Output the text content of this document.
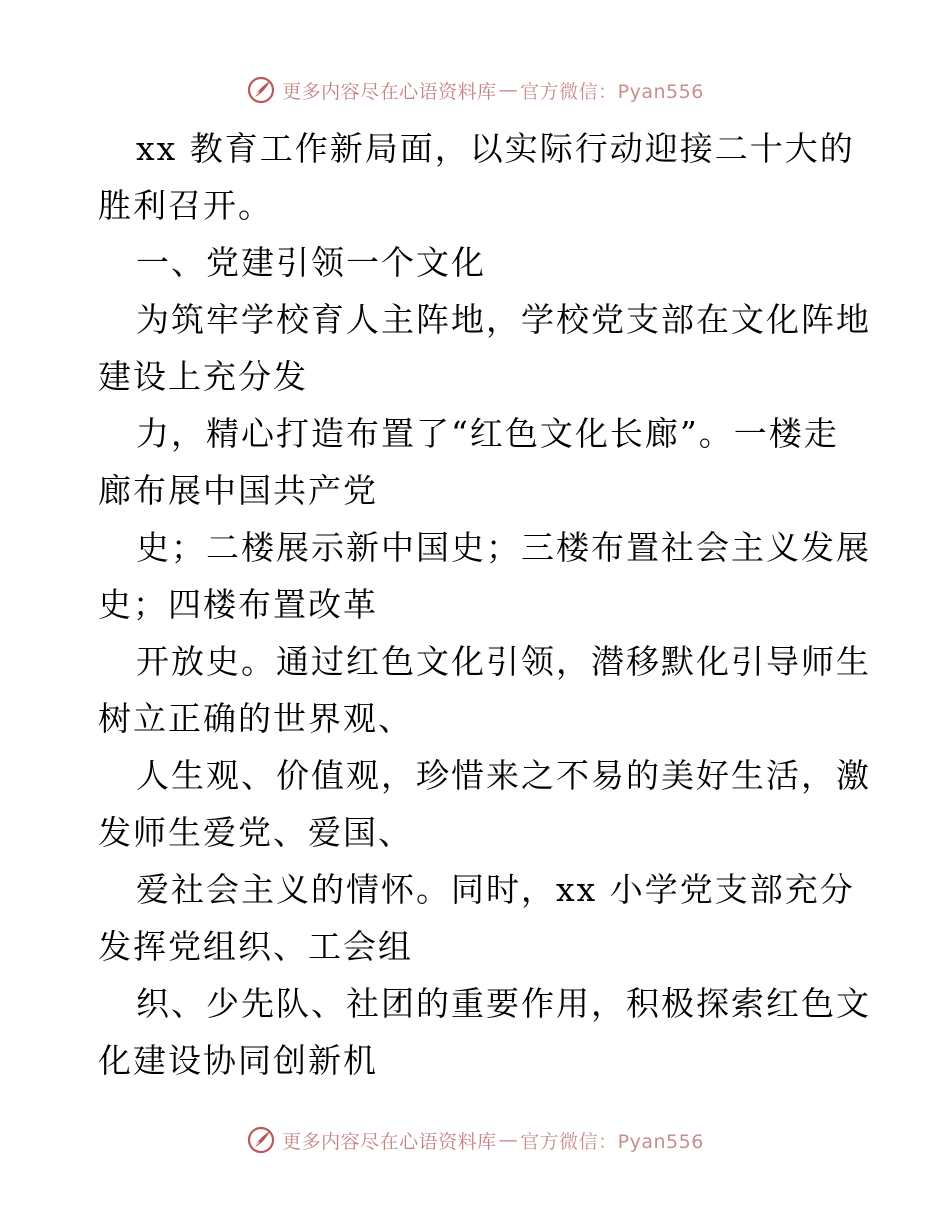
更多内容尽在心语资料库 — 官方微信：Pyan556
xx 教育工作新局面，以实际行动迎接二十大的
胜利召开。
一、党建引领一个文化
为筑牢学校育人主阵地，学校党支部在文化阵地
建设上充分发
力，精心打造布置了“红色文化长廊”。一楼走
廊布展中国共产党
史；二楼展示新中国史；三楼布置社会主义发展
史；四楼布置改革
开放史。通过红色文化引领，潜移默化引导师生
树立正确的世界观、
人生观、价值观，珍惜来之不易的美好生活，激
发师生爱党、爱国、
爱社会主义的情怀。同时，xx 小学党支部充分
发挥党组织、工会组
织、少先队、社团的重要作用，积极探索红色文
化建设协同创新机
更多内容尽在心语资料库 — 官方微信：Pyan556
